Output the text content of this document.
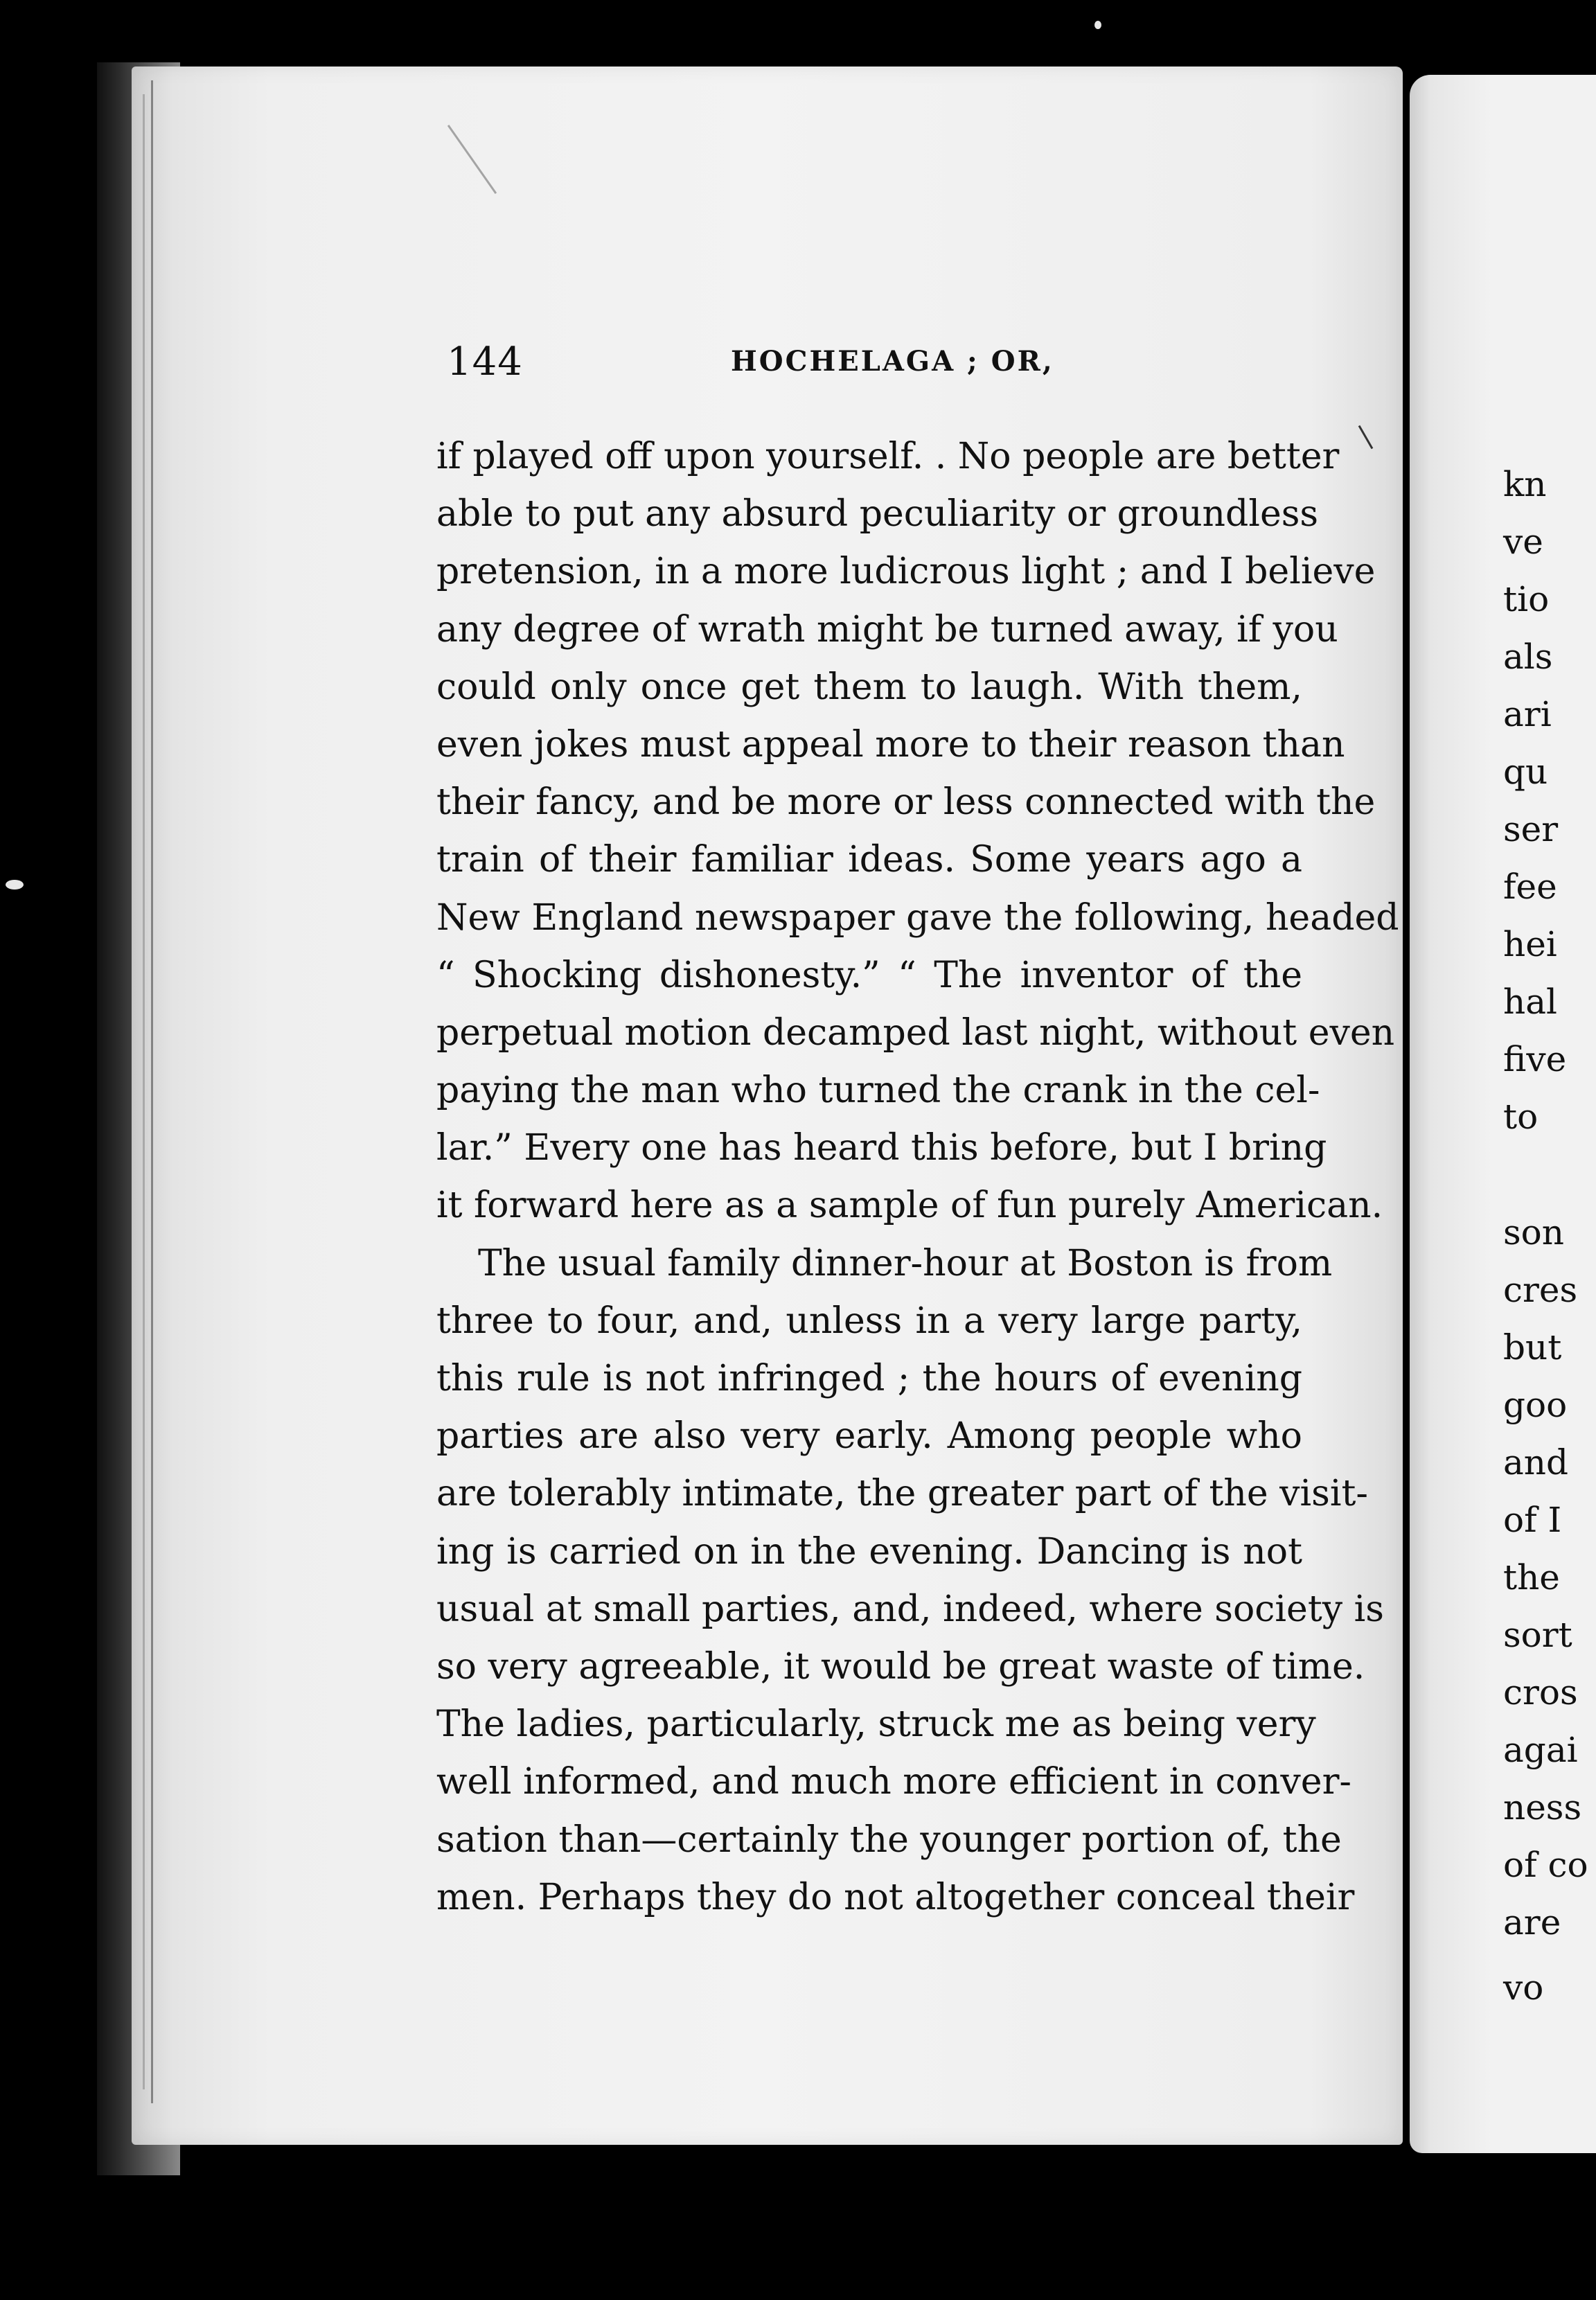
144	HOCHELAGA ; OR,
if played off upon yourself. . No people are better
able to put any absurd peculiarity or groundless
pretension, in a more ludicrous light ; and I believe
any degree of wrath might be turned away, if you
could only once get them to laugh. With them,
even jokes must appeal more to their reason than
their fancy, and be more or less connected with the
train of their familiar ideas. Some years ago a
New England newspaper gave the following, headed
“ Shocking dishonesty.” “ The inventor of the
perpetual motion decamped last night, without even
paying the man who turned the crank in the cel-
lar.” Every one has heard this before, but I bring
it forward here as a sample of fun purely American.
The usual family dinner-hour at Boston is from
three to four, and, unless in a very large party,
this rule is not infringed ; the hours of evening
parties are also very early. Among people who
are tolerably intimate, the greater part of the visit-
ing is carried on in the evening. Dancing is not
usual at small parties, and, indeed, where society is
so very agreeable, it would be great waste of time.
The ladies, particularly, struck me as being very
well informed, and much more efficient in conver-
sation than—certainly the younger portion of, the
men. Perhaps they do not altogether conceal their
kn
ve
tio
als
ari
qu
ser
fee
hei
hal
five
to
son
cres
but
goo
and
of I
the
sort
cros
agai
ness
of co
are
vo
